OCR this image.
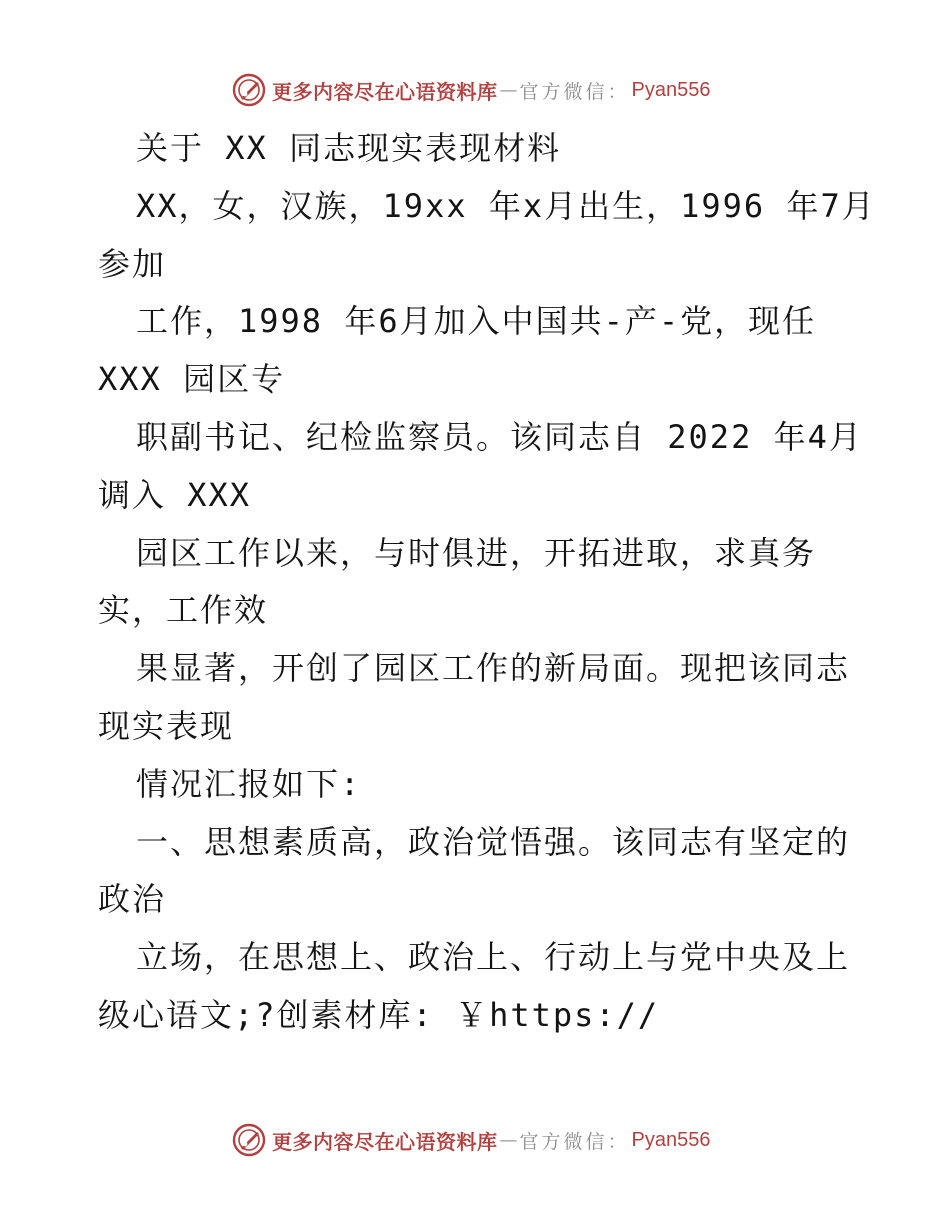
更多内容尽在心语资料库 — 官方微信： Pyan556
关于 XX 同志现实表现材料
XX，女，汉族，19xx 年x月出生，1996 年7月
参加
工作，1998 年6月加入中国共-产-党，现任
XXX 园区专
职副书记、纪检监察员。该同志自 2022 年4月
调入 XXX
园区工作以来，与时俱进，开拓进取，求真务
实，工作效
果显著，开创了园区工作的新局面。现把该同志
现实表现
情况汇报如下:
一、思想素质高，政治觉悟强。该同志有坚定的
政治
立场，在思想上、政治上、行动上与党中央及上
级心语文;?创素材库: ￥https://
更多内容尽在心语资料库 — 官方微信： Pyan556
